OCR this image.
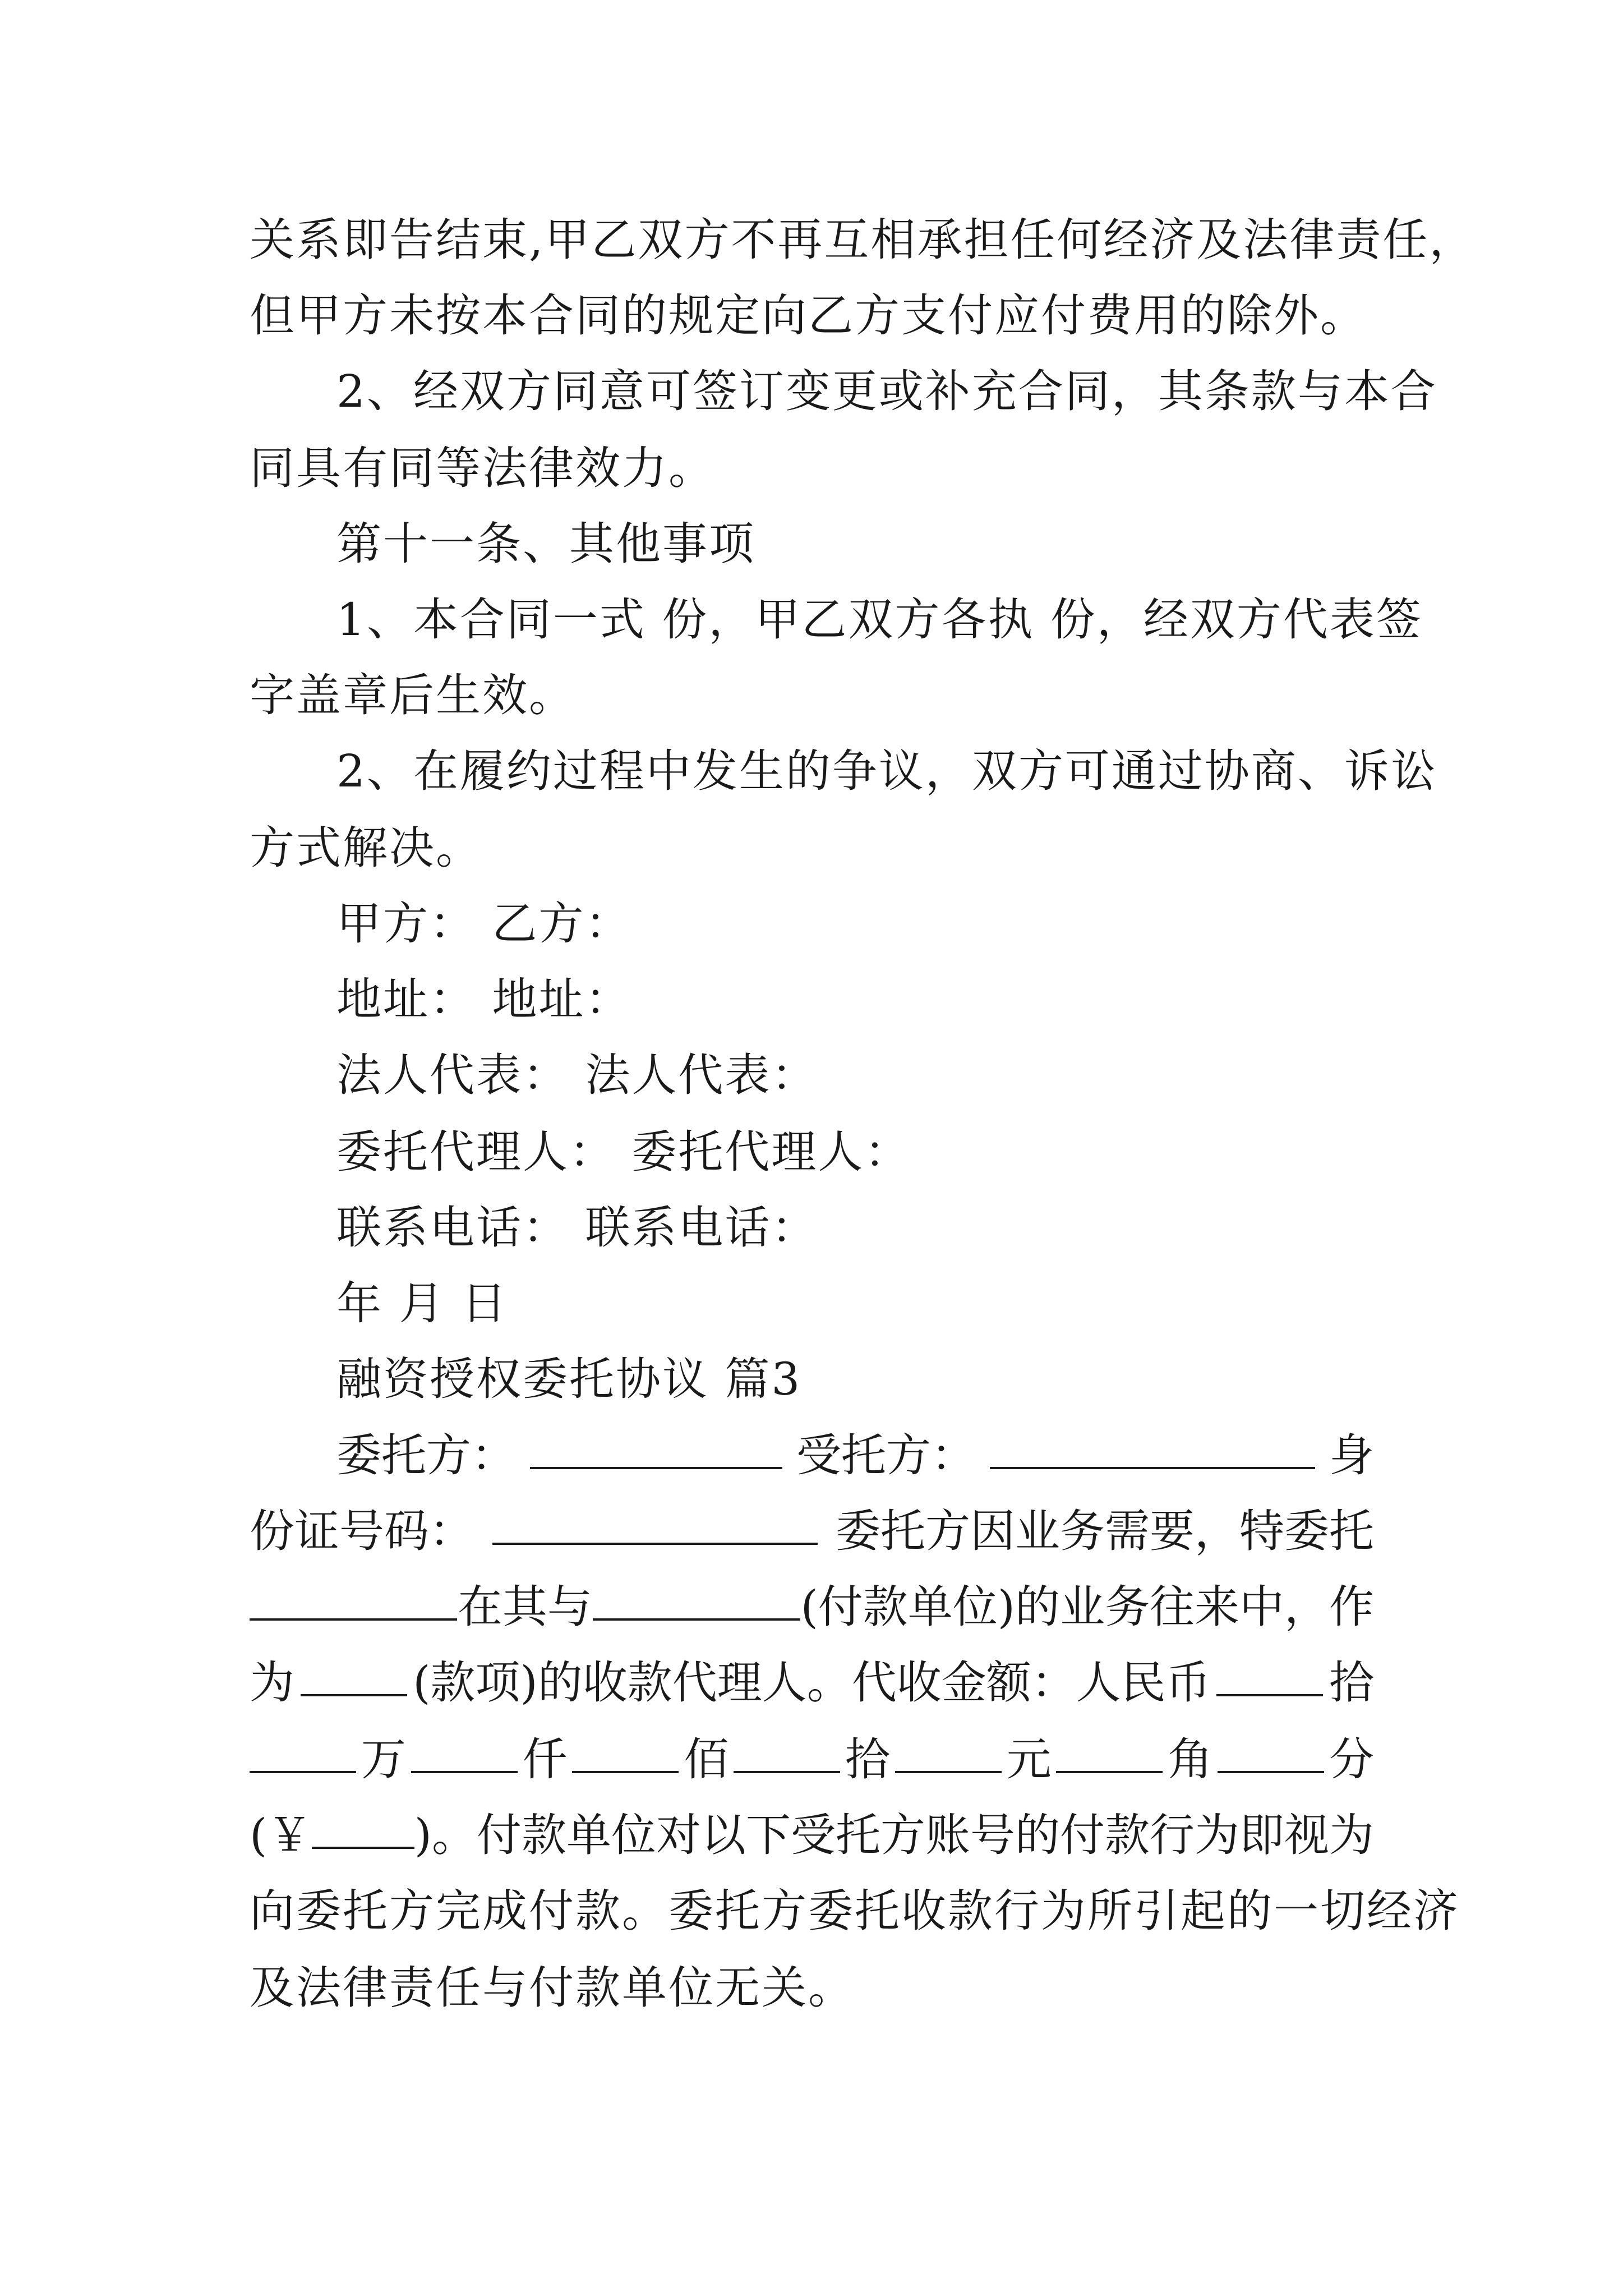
关系即告结束,甲乙双方不再互相承担任何经济及法律责任，
但甲方未按本合同的规定向乙方支付应付费用的除外。
2、经双方同意可签订变更或补充合同，其条款与本合
同具有同等法律效力。
第十一条、其他事项
1、本合同一式 份，甲乙双方各执 份，经双方代表签
字盖章后生效。
2、在履约过程中发生的争议，双方可通过协商、诉讼
方式解决。
甲方： 乙方：
地址： 地址：
法人代表： 法人代表：
委托代理人： 委托代理人：
联系电话： 联系电话：
年 月 日
融资授权委托协议 篇3
委托方：	受托方：	身
份证号码：	委托方因业务需要，特委托
在其与	(付款单位)的业务往来中，作
为	(款项)的收款代理人。代收金额：人民币	拾
万	仟	佰	拾	元	角	分
(￥ )。付款单位对以下受托方账号的付款行为即视为
向委托方完成付款。委托方委托收款行为所引起的一切经济
及法律责任与付款单位无关。
